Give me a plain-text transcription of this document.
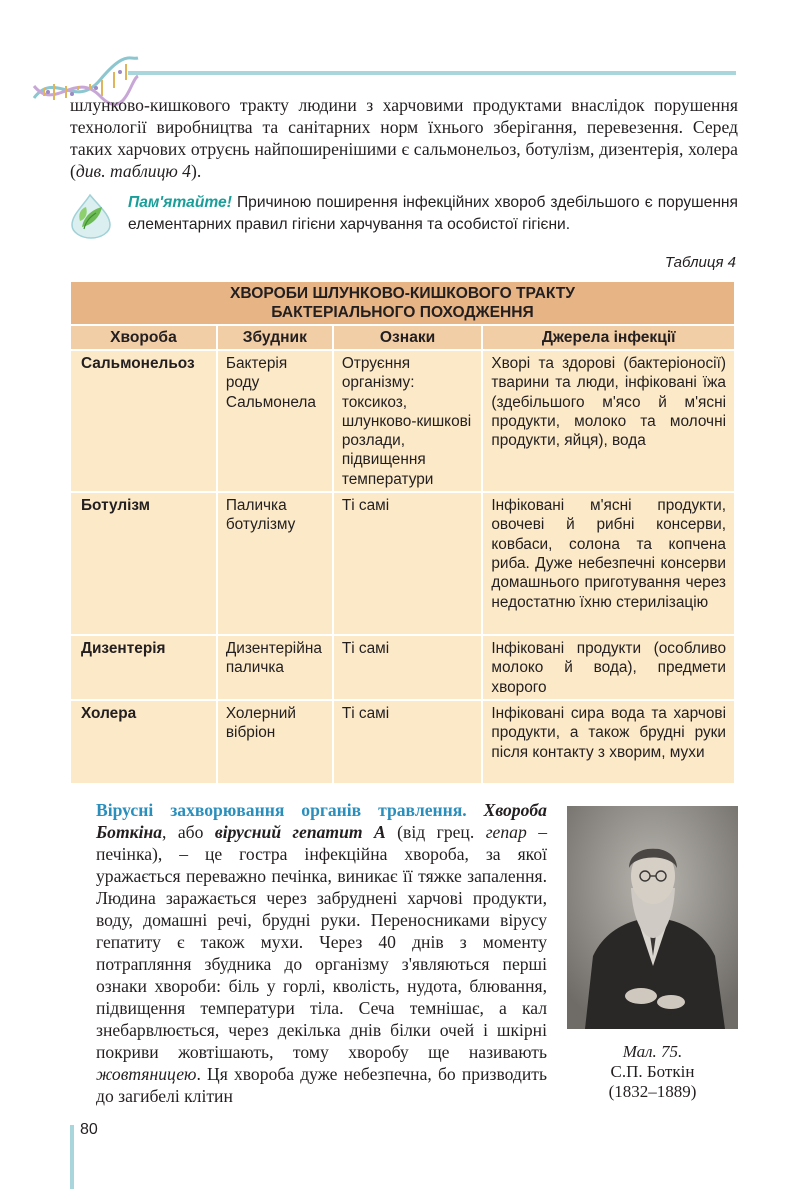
шлунково-кишкового тракту людини з харчовими продуктами внаслідок порушення технології виробництва та санітарних норм їхнього зберігання, перевезення. Серед таких харчових отруєнь найпоширенішими є сальмонельоз, ботулізм, дизентерія, холера (див. таблицю 4).

Пам'ятайте! Причиною поширення інфекційних хвороб здебільшого є порушення елементарних правил гігієни харчування та особистої гігієни.

Таблиця 4
ХВОРОБИ ШЛУНКОВО-КИШКОВОГО ТРАКТУ
БАКТЕРІАЛЬНОГО ПОХОДЖЕННЯ			
Хвороба	Збудник	Ознаки	Джерела інфекції
Сальмонельоз	Бактерія роду Сальмонела	Отруєння організму: токсикоз, шлунково-кишкові розлади, підвищення температури	Хворі та здорові (бактеріоносії) тварини та люди, інфіковані їжа (здебільшого м'ясо й м'ясні продукти, молоко та молочні продукти, яйця), вода
Ботулізм	Паличка ботулізму	Ті самі	Інфіковані м'ясні продукти, овочеві й рибні консерви, ковбаси, солона та копчена риба. Дуже небезпечні консерви домашнього приготування через недостатню їхню стерилізацію
Дизентерія	Дизентерійна паличка	Ті самі	Інфіковані продукти (особливо молоко й вода), предмети хворого
Холера	Холерний вібріон	Ті самі	Інфіковані сира вода та харчові продукти, а також брудні руки після контакту з хворим, мухи

Вірусні захворювання органів травлення. Хвороба Боткіна, або вірусний гепатит А (від грец. гепар – печінка), – це гостра інфекційна хвороба, за якої уражається переважно печінка, виникає її тяжке запалення. Людина заражається через забруднені харчові продукти, воду, домашні речі, брудні руки. Переносниками вірусу гепатиту є також мухи. Через 40 днів з моменту потрапляння збудника до організму з'являються перші ознаки хвороби: біль у горлі, кволість, нудота, блювання, підвищення температури тіла. Сеча темнішає, а кал знебарвлюється, через декілька днів білки очей і шкірні покриви жовтішають, тому хворобу ще називають жовтяницею. Ця хвороба дуже небезпечна, бо призводить до загибелі клітин

Мал. 75.
С.П. Боткін
(1832–1889)
80
